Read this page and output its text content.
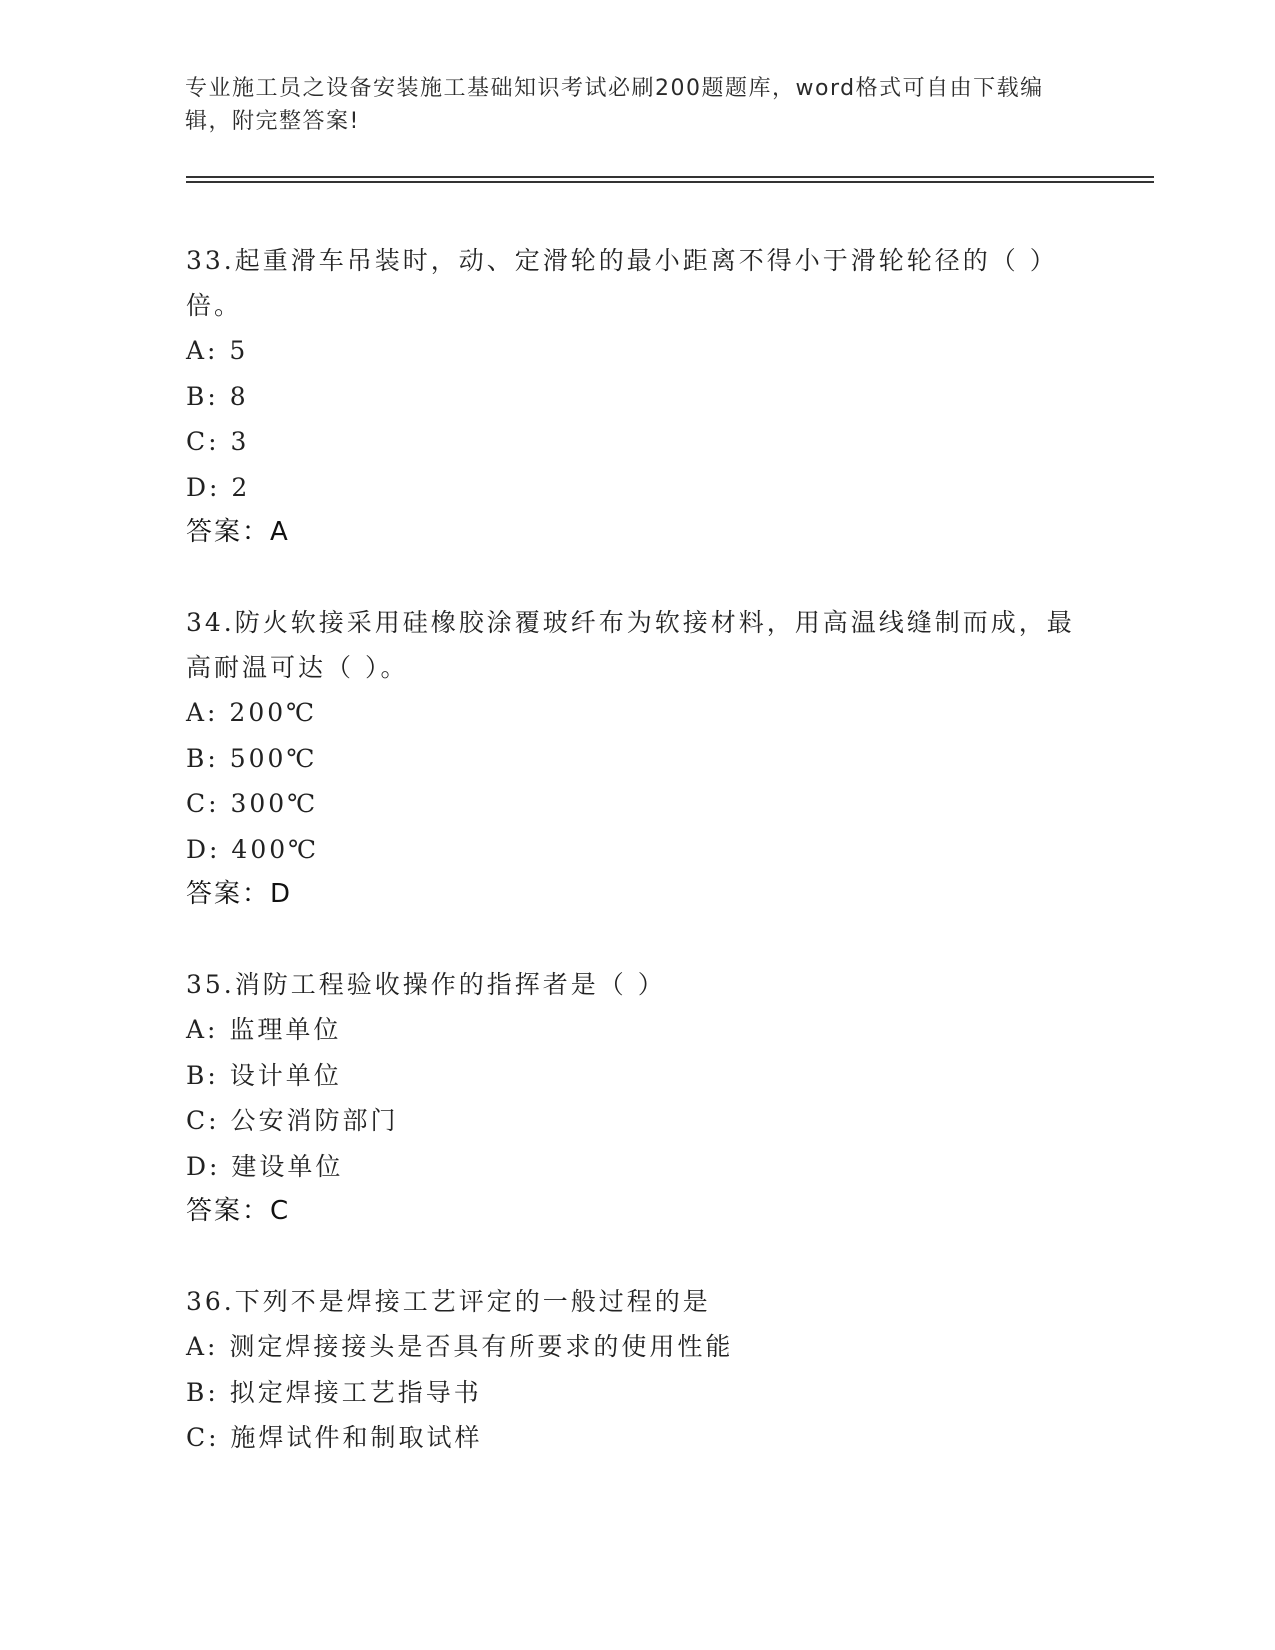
专业施工员之设备安装施工基础知识考试必刷200题题库，word格式可自由下载编辑，附完整答案!
33.起重滑车吊装时，动、定滑轮的最小距离不得小于滑轮轮径的（ ）倍。
A: 5
B: 8
C: 3
D: 2
答案：A
34.防火软接采用硅橡胶涂覆玻纤布为软接材料，用高温线缝制而成，最高耐温可达（ ）。
A: 200℃
B: 500℃
C: 300℃
D: 400℃
答案：D
35.消防工程验收操作的指挥者是（ ）
A: 监理单位
B: 设计单位
C: 公安消防部门
D: 建设单位
答案：C
36.下列不是焊接工艺评定的一般过程的是
A: 测定焊接接头是否具有所要求的使用性能
B: 拟定焊接工艺指导书
C: 施焊试件和制取试样
